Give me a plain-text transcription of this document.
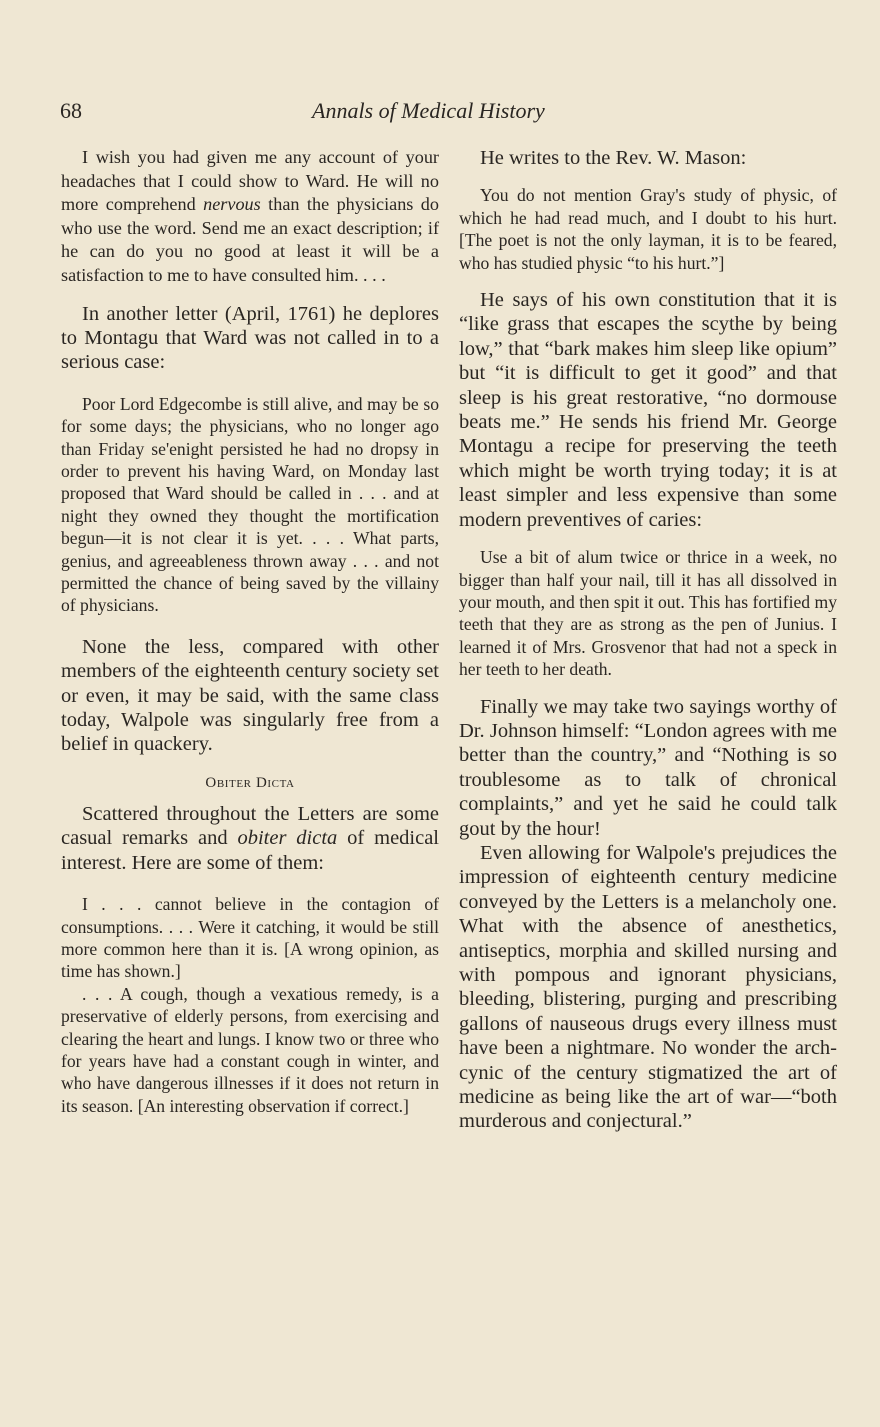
68	Annals of Medical History

I wish you had given me any account of your headaches that I could show to Ward. He will no more comprehend nervous than the physicians do who use the word. Send me an exact description; if he can do you no good at least it will be a satisfaction to me to have consulted him. . . .

In another letter (April, 1761) he deplores to Montagu that Ward was not called in to a serious case:

Poor Lord Edgecombe is still alive, and may be so for some days; the physicians, who no longer ago than Friday se'enight persisted he had no dropsy in order to prevent his having Ward, on Monday last proposed that Ward should be called in . . . and at night they owned they thought the mortification begun—it is not clear it is yet. . . . What parts, genius, and agreeableness thrown away . . . and not permitted the chance of being saved by the villainy of physicians.

None the less, compared with other members of the eighteenth century society set or even, it may be said, with the same class today, Walpole was singularly free from a belief in quackery.

Obiter Dicta

Scattered throughout the Letters are some casual remarks and obiter dicta of medical interest. Here are some of them:

I . . . cannot believe in the contagion of consumptions. . . . Were it catching, it would be still more common here than it is. [A wrong opinion, as time has shown.]

. . . A cough, though a vexatious remedy, is a preservative of elderly persons, from exercising and clearing the heart and lungs. I know two or three who for years have had a constant cough in winter, and who have dangerous illnesses if it does not return in its season. [An interesting observation if correct.]

He writes to the Rev. W. Mason:

You do not mention Gray's study of physic, of which he had read much, and I doubt to his hurt. [The poet is not the only layman, it is to be feared, who has studied physic “to his hurt.”]

He says of his own constitution that it is “like grass that escapes the scythe by being low,” that “bark makes him sleep like opium” but “it is difficult to get it good” and that sleep is his great restorative, “no dormouse beats me.” He sends his friend Mr. George Montagu a recipe for preserving the teeth which might be worth trying today; it is at least simpler and less expensive than some modern preventives of caries:

Use a bit of alum twice or thrice in a week, no bigger than half your nail, till it has all dissolved in your mouth, and then spit it out. This has fortified my teeth that they are as strong as the pen of Junius. I learned it of Mrs. Grosvenor that had not a speck in her teeth to her death.

Finally we may take two sayings worthy of Dr. Johnson himself: “London agrees with me better than the country,” and “Nothing is so troublesome as to talk of chronical complaints,” and yet he said he could talk gout by the hour!

Even allowing for Walpole's prejudices the impression of eighteenth century medicine conveyed by the Letters is a melancholy one. What with the absence of anesthetics, antiseptics, morphia and skilled nursing and with pompous and ignorant physicians, bleeding, blistering, purging and prescribing gallons of nauseous drugs every illness must have been a nightmare. No wonder the arch-cynic of the century stigmatized the art of medicine as being like the art of war—“both murderous and conjectural.”
